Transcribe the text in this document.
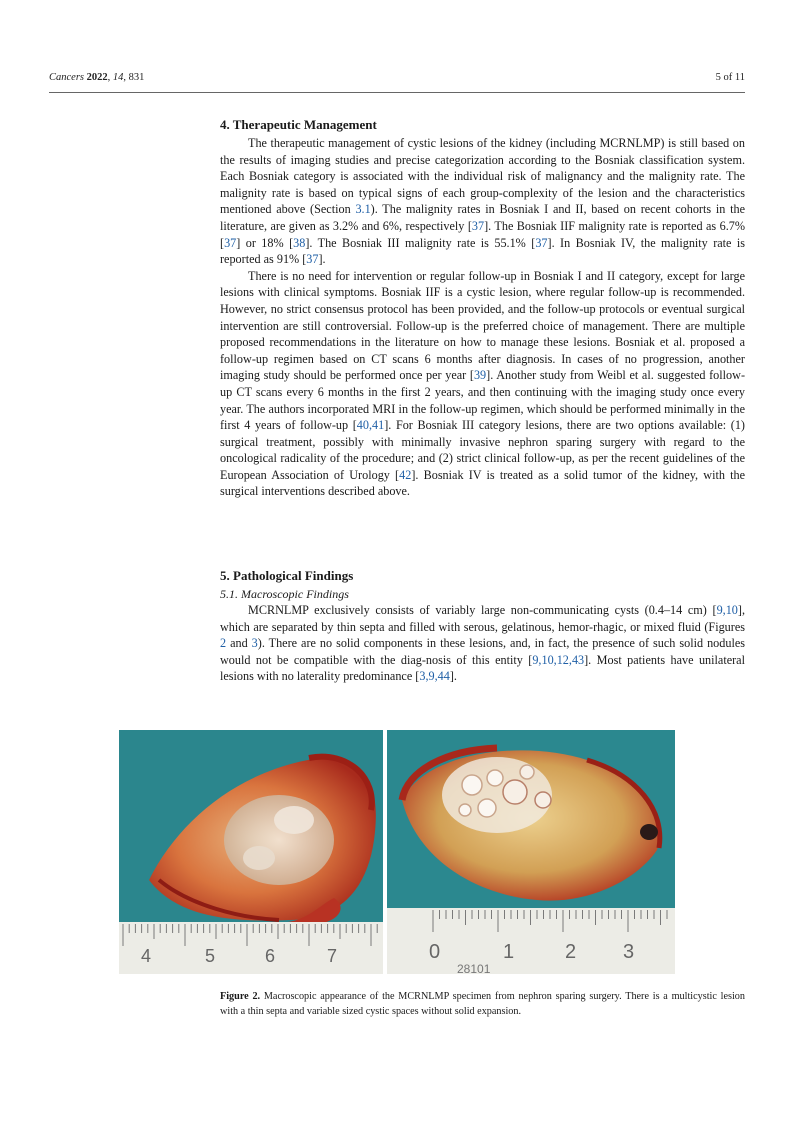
Cancers 2022, 14, 831	5 of 11
4. Therapeutic Management

The therapeutic management of cystic lesions of the kidney (including MCRNLMP) is still based on the results of imaging studies and precise categorization according to the Bosniak classification system. Each Bosniak category is associated with the individual risk of malignancy and the malignity rate. The malignity rate is based on typical signs of each group-complexity of the lesion and the characteristics mentioned above (Section 3.1). The malignity rates in Bosniak I and II, based on recent cohorts in the literature, are given as 3.2% and 6%, respectively [37]. The Bosniak IIF malignity rate is reported as 6.7% [37] or 18% [38]. The Bosniak III malignity rate is 55.1% [37]. In Bosniak IV, the malignity rate is reported as 91% [37].

There is no need for intervention or regular follow-up in Bosniak I and II category, except for large lesions with clinical symptoms. Bosniak IIF is a cystic lesion, where regular follow-up is recommended. However, no strict consensus protocol has been provided, and the follow-up protocols or eventual surgical intervention are still controversial. Follow-up is the preferred choice of management. There are multiple proposed recommendations in the literature on how to manage these lesions. Bosniak et al. proposed a follow-up regimen based on CT scans 6 months after diagnosis. In cases of no progression, another imaging study should be performed once per year [39]. Another study from Weibl et al. suggested follow-up CT scans every 6 months in the first 2 years, and then continuing with the imaging study once every year. The authors incorporated MRI in the follow-up regimen, which should be performed minimally in the first 4 years of follow-up [40,41]. For Bosniak III category lesions, there are two options available: (1) surgical treatment, possibly with minimally invasive nephron sparing surgery with regard to the oncological radicality of the procedure; and (2) strict clinical follow-up, as per the recent guidelines of the European Association of Urology [42]. Bosniak IV is treated as a solid tumor of the kidney, with the surgical interventions described above.

5. Pathological Findings
5.1. Macroscopic Findings

MCRNLMP exclusively consists of variably large non-communicating cysts (0.4–14 cm) [9,10], which are separated by thin septa and filled with serous, gelatinous, hemor-rhagic, or mixed fluid (Figures 2 and 3). There are no solid components in these lesions, and, in fact, the presence of such solid nodules would not be compatible with the diag-nosis of this entity [9,10,12,43]. Most patients have unilateral lesions with no laterality predominance [3,9,44].

4	5	6	7	0	1	2 3
28101
Figure 2. Macroscopic appearance of the MCRNLMP specimen from nephron sparing surgery. There is a multicystic lesion with a thin septa and variable sized cystic spaces without solid expansion.
